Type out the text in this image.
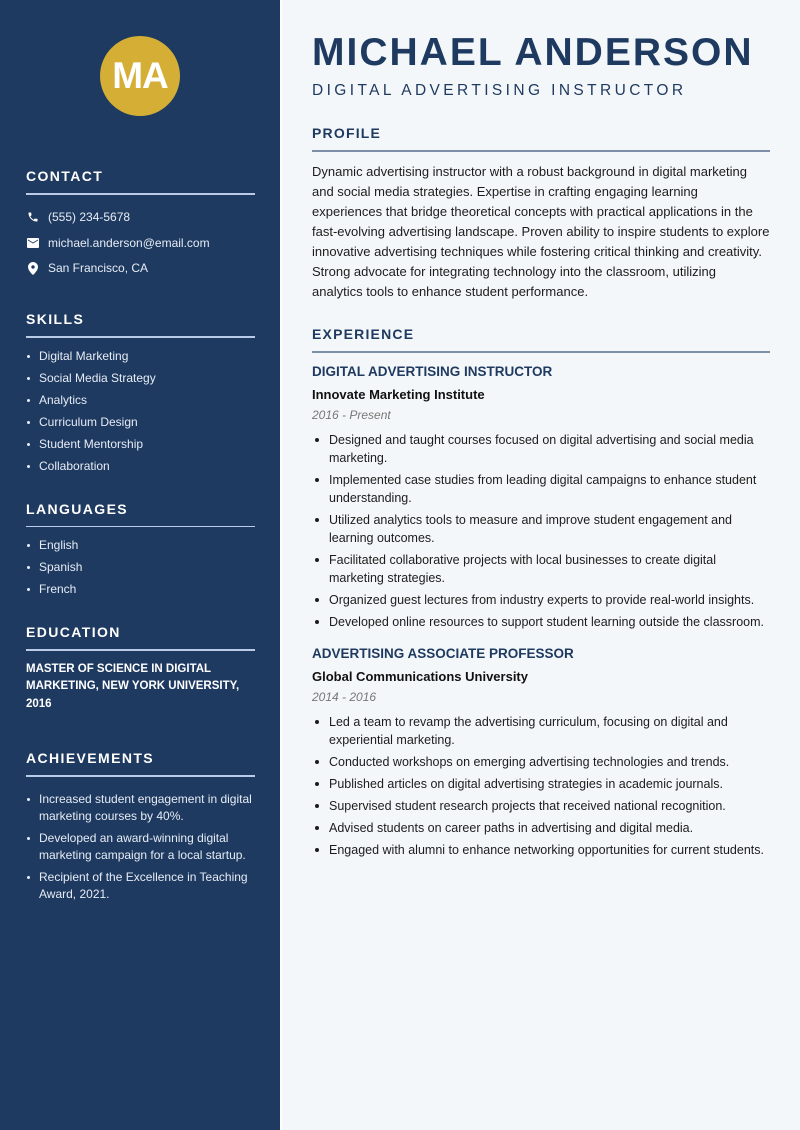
MA
CONTACT
(555) 234-5678
michael.anderson@email.com
San Francisco, CA
SKILLS
Digital Marketing
Social Media Strategy
Analytics
Curriculum Design
Student Mentorship
Collaboration
LANGUAGES
English
Spanish
French
EDUCATION

MASTER OF SCIENCE IN DIGITAL MARKETING, NEW YORK UNIVERSITY, 2016

ACHIEVEMENTS
Increased student engagement in digital marketing courses by 40%.
Developed an award-winning digital marketing campaign for a local startup.
Recipient of the Excellence in Teaching Award, 2021.
MICHAEL ANDERSON
DIGITAL ADVERTISING INSTRUCTOR
PROFILE

Dynamic advertising instructor with a robust background in digital marketing and social media strategies. Expertise in crafting engaging learning experiences that bridge theoretical concepts with practical applications in the fast-evolving advertising landscape. Proven ability to inspire students to explore innovative advertising techniques while fostering critical thinking and creativity. Strong advocate for integrating technology into the classroom, utilizing analytics tools to enhance student performance.

EXPERIENCE
DIGITAL ADVERTISING INSTRUCTOR
Innovate Marketing Institute
2016 - Present
Designed and taught courses focused on digital advertising and social media marketing.
Implemented case studies from leading digital campaigns to enhance student understanding.
Utilized analytics tools to measure and improve student engagement and learning outcomes.
Facilitated collaborative projects with local businesses to create digital marketing strategies.
Organized guest lectures from industry experts to provide real-world insights.
Developed online resources to support student learning outside the classroom.
ADVERTISING ASSOCIATE PROFESSOR
Global Communications University
2014 - 2016
Led a team to revamp the advertising curriculum, focusing on digital and experiential marketing.
Conducted workshops on emerging advertising technologies and trends.
Published articles on digital advertising strategies in academic journals.
Supervised student research projects that received national recognition.
Advised students on career paths in advertising and digital media.
Engaged with alumni to enhance networking opportunities for current students.
